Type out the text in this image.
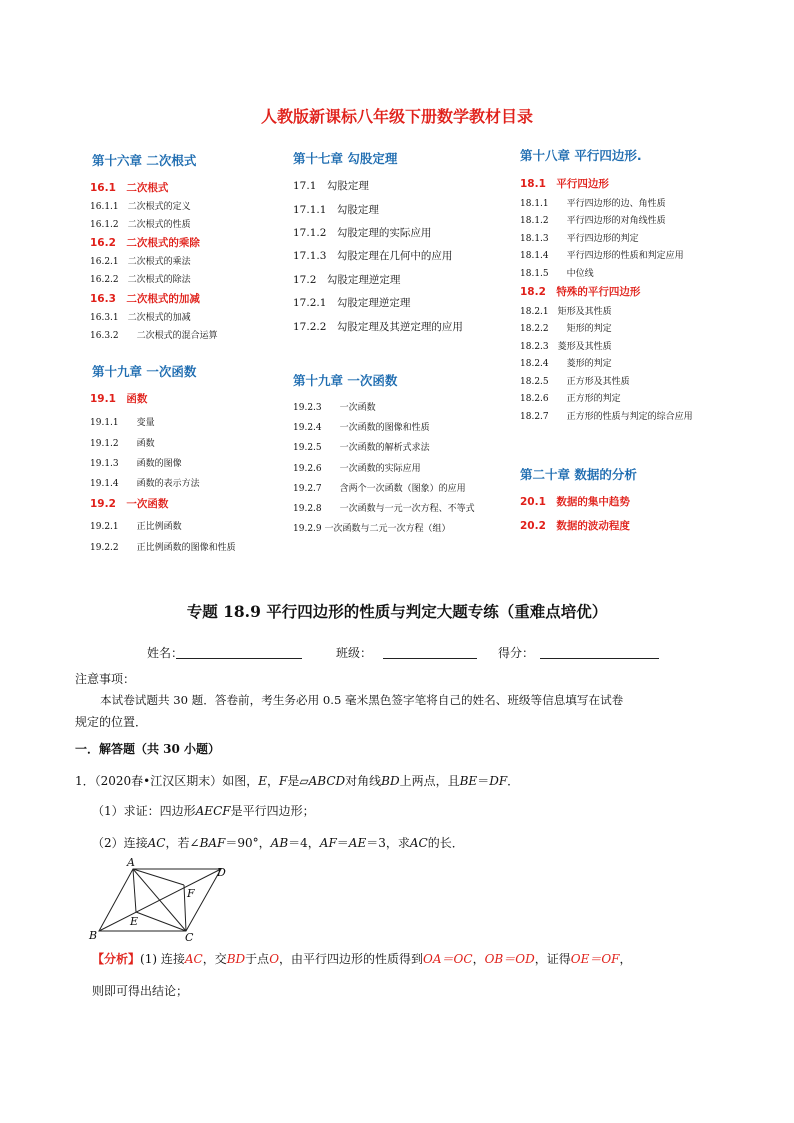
人教版新课标八年级下册数学教材目录
第十六章 二次根式
16.1　二次根式
16.1.1　二次根式的定义
16.1.2　二次根式的性质
16.2　二次根式的乘除
16.2.1　二次根式的乘法
16.2.2　二次根式的除法
16.3　二次根式的加减
16.3.1　二次根式的加减
16.3.2　　二次根式的混合运算
第十九章 一次函数
19.1　函数
19.1.1　　变量
19.1.2　　函数
19.1.3　　函数的图像
19.1.4　　函数的表示方法
19.2　一次函数
19.2.1　　正比例函数
19.2.2　　正比例函数的图像和性质
第十七章 勾股定理
17.1　勾股定理
17.1.1　勾股定理
17.1.2　勾股定理的实际应用
17.1.3　勾股定理在几何中的应用
17.2　勾股定理逆定理
17.2.1　勾股定理逆定理
17.2.2　勾股定理及其逆定理的应用
第十九章 一次函数
19.2.3　　一次函数
19.2.4　　一次函数的图像和性质
19.2.5　　一次函数的解析式求法
19.2.6　　一次函数的实际应用
19.2.7　　含两个一次函数（图象）的应用
19.2.8　　一次函数与一元一次方程、不等式
19.2.9 一次函数与二元一次方程（组）
第十八章 平行四边形.
18.1　平行四边形
18.1.1　　平行四边形的边、角性质
18.1.2　　平行四边形的对角线性质
18.1.3　　平行四边形的判定
18.1.4　　平行四边形的性质和判定应用
18.1.5　　中位线
18.2　特殊的平行四边形
18.2.1　矩形及其性质
18.2.2　　矩形的判定
18.2.3　菱形及其性质
18.2.4　　菱形的判定
18.2.5　　正方形及其性质
18.2.6　　正方形的判定
18.2.7　　正方形的性质与判定的综合应用
第二十章 数据的分析
20.1　数据的集中趋势
20.2　数据的波动程度
专题 18.9 平行四边形的性质与判定大题专练（重难点培优）
姓名：	班级：	得分：
注意事项：
本试卷试题共 30 题．答卷前，考生务必用 0.5 毫米黑色签字笔将自己的姓名、班级等信息填写在试卷
规定的位置．
一．解答题（共 30 小题）
1．（2020春•江汉区期末）如图，E，F是▱ABCD对角线BD上两点，且BE＝DF．
（1）求证：四边形AECF是平行四边形；
（2）连接AC，若∠BAF＝90°，AB＝4，AF＝AE＝3，求AC的长．
A
B	C
D
E
F
【分析】(1) 连接AC，交BD于点O，由平行四边形的性质得到OA＝OC，OB＝OD，证得OE＝OF，
则即可得出结论；
